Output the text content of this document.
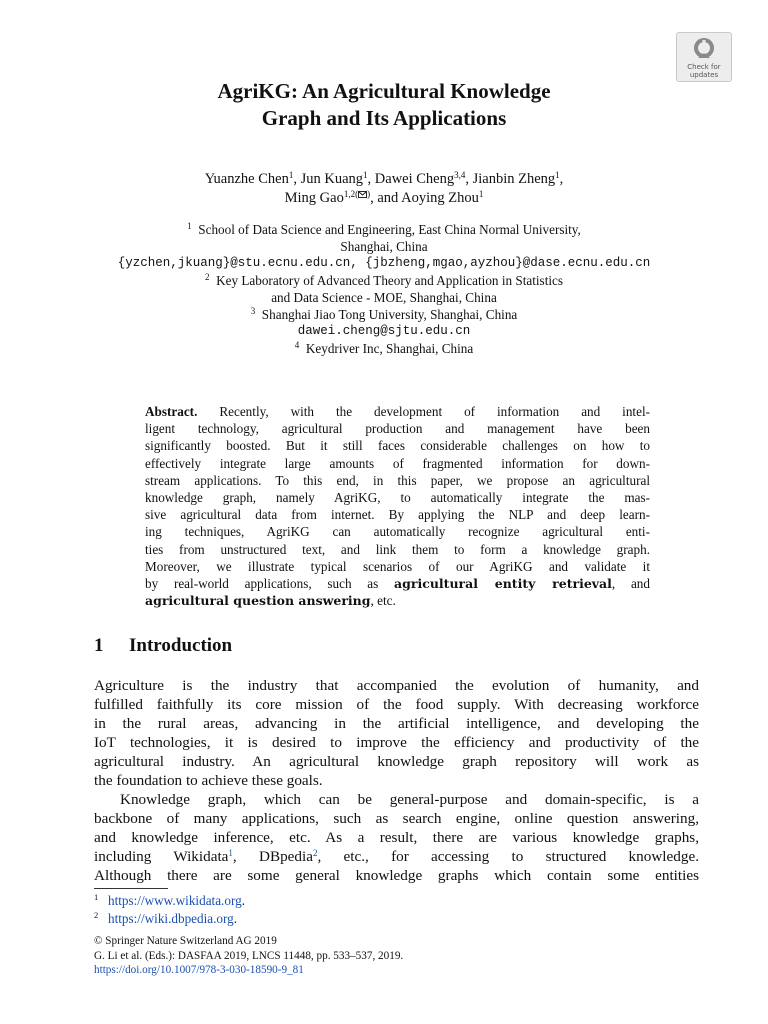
Check for
updates
AgriKG: An Agricultural Knowledge
Graph and Its Applications
Yuanzhe Chen$^1$, Jun Kuang$^1$, Dawei Cheng$^{3,4}$, Jianbin Zheng$^1$,
Ming Gao$^{1,2( )}$, and Aoying Zhou$^1$
$^1$ School of Data Science and Engineering, East China Normal University,
Shanghai, China
{yzchen,jkuang}@stu.ecnu.edu.cn, {jbzheng,mgao,ayzhou}@dase.ecnu.edu.cn
$^2$ Key Laboratory of Advanced Theory and Application in Statistics
and Data Science - MOE, Shanghai, China
$^3$ Shanghai Jiao Tong University, Shanghai, China
dawei.cheng@sjtu.edu.cn
$^4$ Keydriver Inc, Shanghai, China
Abstract. Recently, with the development of information and intel-
ligent technology, agricultural production and management have been
significantly boosted. But it still faces considerable challenges on how to
effectively integrate large amounts of fragmented information for down-
stream applications. To this end, in this paper, we propose an agricultural
knowledge graph, namely AgriKG, to automatically integrate the mas-
sive agricultural data from internet. By applying the NLP and deep learn-
ing techniques, AgriKG can automatically recognize agricultural enti-
ties from unstructured text, and link them to form a knowledge graph.
Moreover, we illustrate typical scenarios of our AgriKG and validate it
by real-world applications, such as agricultural entity retrieval, and
agricultural question answering, etc.
1 Introduction
Agriculture is the industry that accompanied the evolution of humanity, and
fulfilled faithfully its core mission of the food supply. With decreasing workforce
in the rural areas, advancing in the artificial intelligence, and developing the
IoT technologies, it is desired to improve the efficiency and productivity of the
agricultural industry. An agricultural knowledge graph repository will work as
the foundation to achieve these goals.
Knowledge graph, which can be general-purpose and domain-specific, is a
backbone of many applications, such as search engine, online question answering,
and knowledge inference, etc. As a result, there are various knowledge graphs,
including Wikidata$^1$, DBpedia$^2$, etc., for accessing to structured knowledge.
Although there are some general knowledge graphs which contain some entities
$^1$ https://www.wikidata.org.
$^2$ https://wiki.dbpedia.org.
© Springer Nature Switzerland AG 2019
G. Li et al. (Eds.): DASFAA 2019, LNCS 11448, pp. 533–537, 2019.
https://doi.org/10.1007/978-3-030-18590-9_81
